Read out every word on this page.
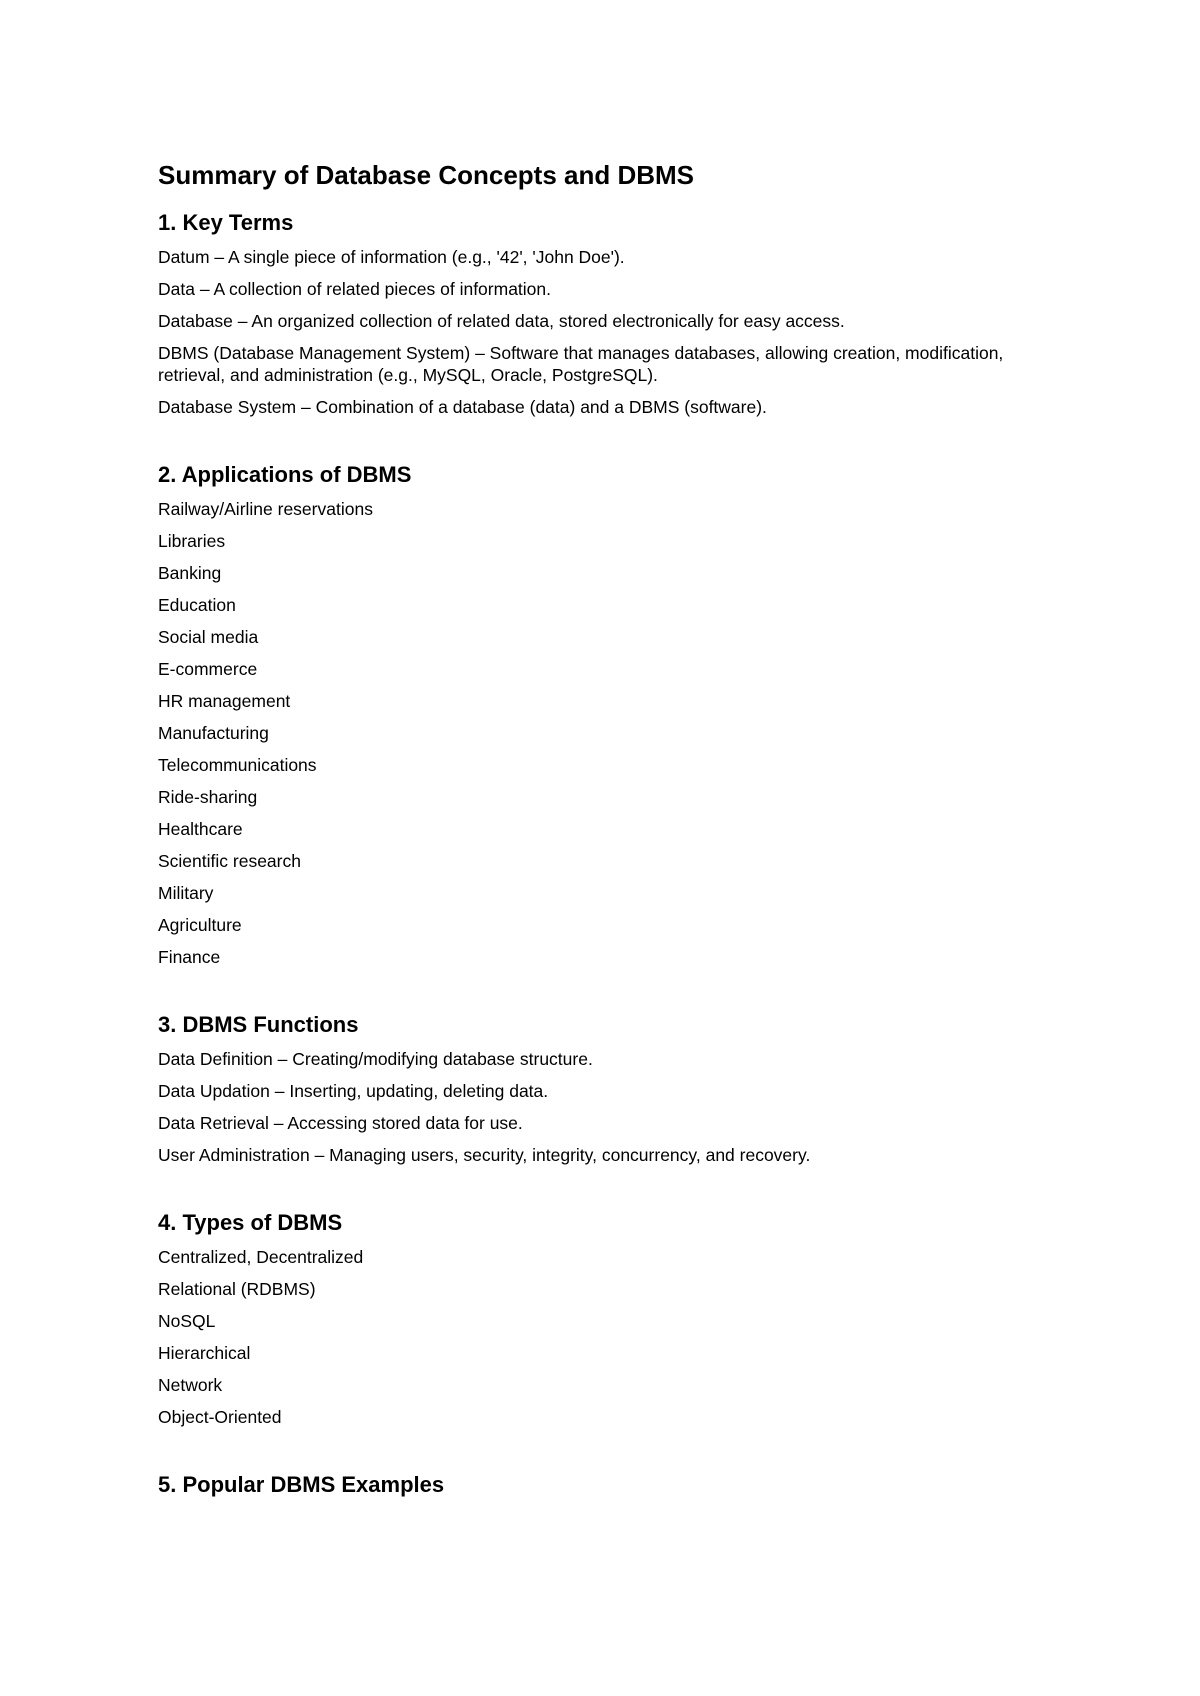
Summary of Database Concepts and DBMS
1. Key Terms
Datum – A single piece of information (e.g., '42', 'John Doe').
Data – A collection of related pieces of information.
Database – An organized collection of related data, stored electronically for easy access.
DBMS (Database Management System) – Software that manages databases, allowing creation, modification, retrieval, and administration (e.g., MySQL, Oracle, PostgreSQL).
Database System – Combination of a database (data) and a DBMS (software).
2. Applications of DBMS
Railway/Airline reservations
Libraries
Banking
Education
Social media
E-commerce
HR management
Manufacturing
Telecommunications
Ride-sharing
Healthcare
Scientific research
Military
Agriculture
Finance
3. DBMS Functions
Data Definition – Creating/modifying database structure.
Data Updation – Inserting, updating, deleting data.
Data Retrieval – Accessing stored data for use.
User Administration – Managing users, security, integrity, concurrency, and recovery.
4. Types of DBMS
Centralized, Decentralized
Relational (RDBMS)
NoSQL
Hierarchical
Network
Object-Oriented
5. Popular DBMS Examples
